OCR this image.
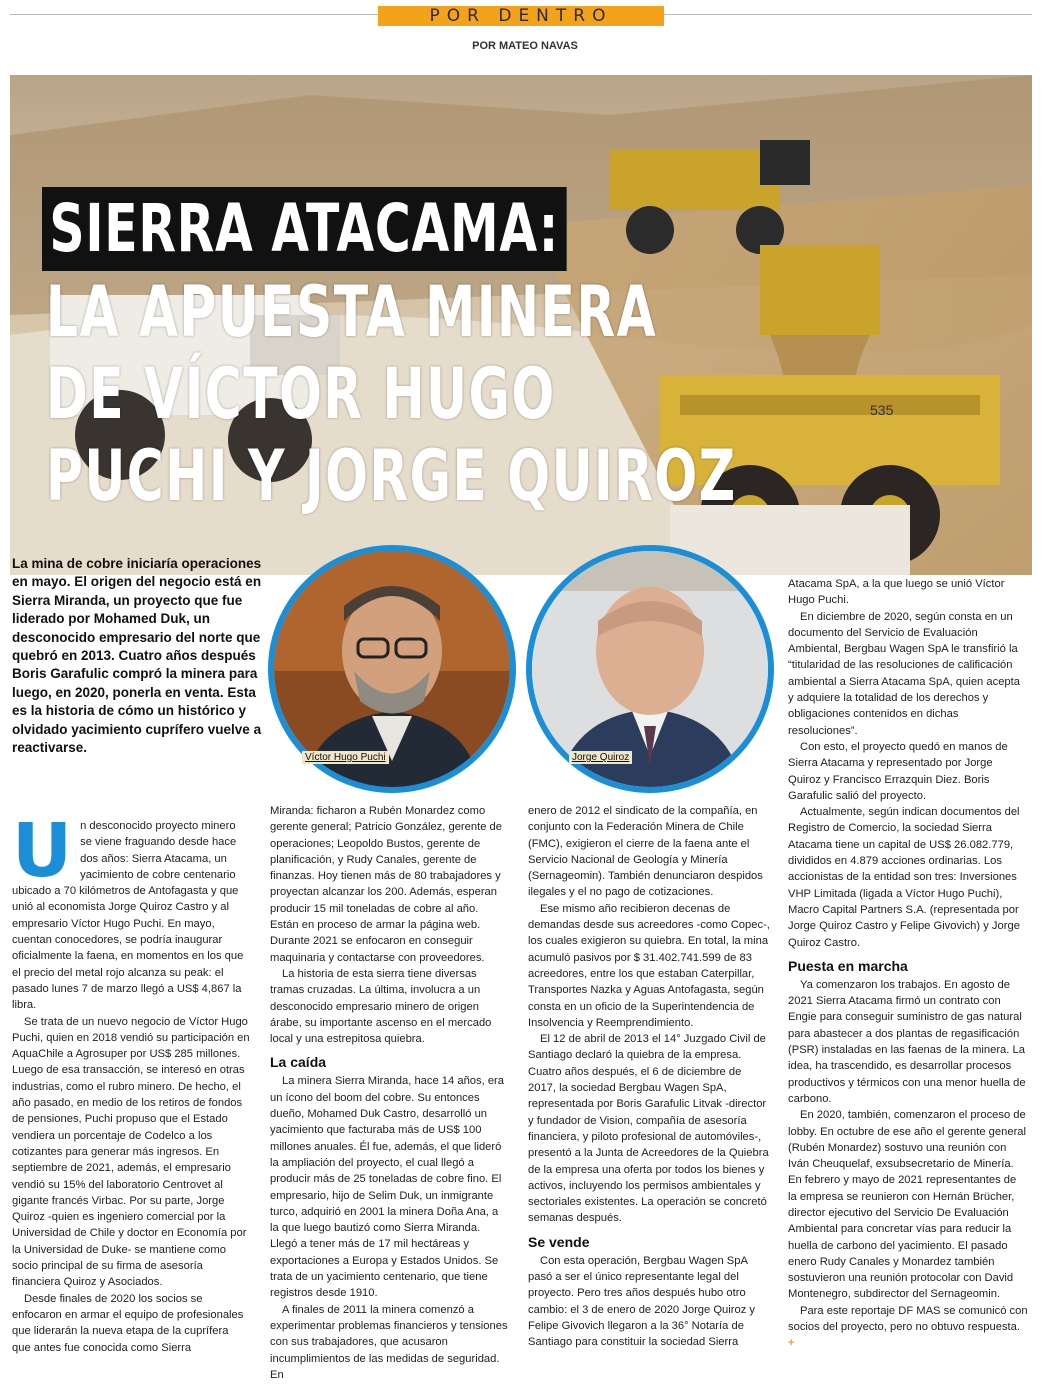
POR DENTRO
POR MATEO NAVAS
535
SIERRA ATACAMA:
LA APUESTA MINERA
DE VÍCTOR HUGO
PUCHI Y JORGE QUIROZ
La mina de cobre iniciaría operaciones en mayo. El origen del negocio está en Sierra Miranda, un proyecto que fue liderado por Mohamed Duk, un desconocido empresario del norte que quebró en 2013. Cuatro años después Boris Garafulic compró la minera para luego, en 2020, ponerla en venta. Esta es la historia de cómo un histórico y olvidado yacimiento cuprífero vuelve a reactivarse.
Víctor Hugo Puchi	Jorge Quiroz
U n desconocido proyecto minero se viene fraguando desde hace dos años: Sierra Atacama, un yacimiento de cobre centenario ubicado a 70 kilómetros de Antofagasta y que unió al economista Jorge Quiroz Castro y al empresario Víctor Hugo Puchi. En mayo, cuentan conocedores, se podría inaugurar oficialmente la faena, en momentos en los que el precio del metal rojo alcanza su peak: el pasado lunes 7 de marzo llegó a US$ 4,867 la libra.

Se trata de un nuevo negocio de Víctor Hugo Puchi, quien en 2018 vendió su participación en AquaChile a Agrosuper por US$ 285 millones. Luego de esa transacción, se interesó en otras industrias, como el rubro minero. De hecho, el año pasado, en medio de los retiros de fondos de pensiones, Puchi propuso que el Estado vendiera un porcentaje de Codelco a los cotizantes para generar más ingresos. En septiembre de 2021, además, el empresario vendió su 15% del laboratorio Centrovet al gigante francés Virbac. Por su parte, Jorge Quiroz -quien es ingeniero comercial por la Universidad de Chile y doctor en Economía por la Universidad de Duke- se mantiene como socio principal de su firma de asesoría financiera Quiroz y Asociados.

Desde finales de 2020 los socios se enfocaron en armar el equipo de profesionales que liderarán la nueva etapa de la cuprífera que antes fue conocida como Sierra

Miranda: ficharon a Rubén Monardez como gerente general; Patricio González, gerente de operaciones; Leopoldo Bustos, gerente de planificación, y Rudy Canales, gerente de finanzas. Hoy tienen más de 80 trabajadores y proyectan alcanzar los 200. Además, esperan producir 15 mil toneladas de cobre al año. Están en proceso de armar la página web. Durante 2021 se enfocaron en conseguir maquinaria y contactarse con proveedores.

La historia de esta sierra tiene diversas tramas cruzadas. La última, involucra a un desconocido empresario minero de origen árabe, su importante ascenso en el mercado local y una estrepitosa quiebra.

La caída

La minera Sierra Miranda, hace 14 años, era un ícono del boom del cobre. Su entonces dueño, Mohamed Duk Castro, desarrolló un yacimiento que facturaba más de US$ 100 millones anuales. Él fue, además, el que lideró la ampliación del proyecto, el cual llegó a producir más de 25 toneladas de cobre fino. El empresario, hijo de Selim Duk, un inmigrante turco, adquirió en 2001 la minera Doña Ana, a la que luego bautizó como Sierra Miranda. Llegó a tener más de 17 mil hectáreas y exportaciones a Europa y Estados Unidos. Se trata de un yacimiento centenario, que tiene registros desde 1910.

A finales de 2011 la minera comenzó a experimentar problemas financieros y tensiones con sus trabajadores, que acusaron incumplimientos de las medidas de seguridad. En

enero de 2012 el sindicato de la compañía, en conjunto con la Federación Minera de Chile (FMC), exigieron el cierre de la faena ante el Servicio Nacional de Geología y Minería (Sernageomin). También denunciaron despidos ilegales y el no pago de cotizaciones.

Ese mismo año recibieron decenas de demandas desde sus acreedores -como Copec-, los cuales exigieron su quiebra. En total, la mina acumuló pasivos por $ 31.402.741.599 de 83 acreedores, entre los que estaban Caterpillar, Transportes Nazka y Aguas Antofagasta, según consta en un oficio de la Superintendencia de Insolvencia y Reemprendimiento.

El 12 de abril de 2013 el 14° Juzgado Civil de Santiago declaró la quiebra de la empresa. Cuatro años después, el 6 de diciembre de 2017, la sociedad Bergbau Wagen SpA, representada por Boris Garafulic Litvak -director y fundador de Vision, compañía de asesoría financiera, y piloto profesional de automóviles-, presentó a la Junta de Acreedores de la Quiebra de la empresa una oferta por todos los bienes y activos, incluyendo los permisos ambientales y sectoriales existentes. La operación se concretó semanas después.

Se vende

Con esta operación, Bergbau Wagen SpA pasó a ser el único representante legal del proyecto. Pero tres años después hubo otro cambio: el 3 de enero de 2020 Jorge Quiroz y Felipe Givovich llegaron a la 36° Notaría de Santiago para constituir la sociedad Sierra

Atacama SpA, a la que luego se unió Víctor Hugo Puchi.

En diciembre de 2020, según consta en un documento del Servicio de Evaluación Ambiental, Bergbau Wagen SpA le transfirió la “titularidad de las resoluciones de calificación ambiental a Sierra Atacama SpA, quien acepta y adquiere la totalidad de los derechos y obligaciones contenidos en dichas resoluciones”.

Con esto, el proyecto quedó en manos de Sierra Atacama y representado por Jorge Quiroz y Francisco Errazquin Diez. Boris Garafulic salió del proyecto.

Actualmente, según indican documentos del Registro de Comercio, la sociedad Sierra Atacama tiene un capital de US$ 26.082.779, divididos en 4.879 acciones ordinarias. Los accionistas de la entidad son tres: Inversiones VHP Limitada (ligada a Víctor Hugo Puchi), Macro Capital Partners S.A. (representada por Jorge Quiroz Castro y Felipe Givovich) y Jorge Quiroz Castro.

Puesta en marcha

Ya comenzaron los trabajos. En agosto de 2021 Sierra Atacama firmó un contrato con Engie para conseguir suministro de gas natural para abastecer a dos plantas de regasificación (PSR) instaladas en las faenas de la minera. La idea, ha trascendido, es desarrollar procesos productivos y térmicos con una menor huella de carbono.

En 2020, también, comenzaron el proceso de lobby. En octubre de ese año el gerente general (Rubén Monardez) sostuvo una reunión con Iván Cheuquelaf, exsubsecretario de Minería. En febrero y mayo de 2021 representantes de la empresa se reunieron con Hernán Brücher, director ejecutivo del Servicio De Evaluación Ambiental para concretar vías para reducir la huella de carbono del yacimiento. El pasado enero Rudy Canales y Monardez también sostuvieron una reunión protocolar con David Montenegro, subdirector del Sernageomin.

Para este reportaje DF MAS se comunicó con socios del proyecto, pero no obtuvo respuesta. +
